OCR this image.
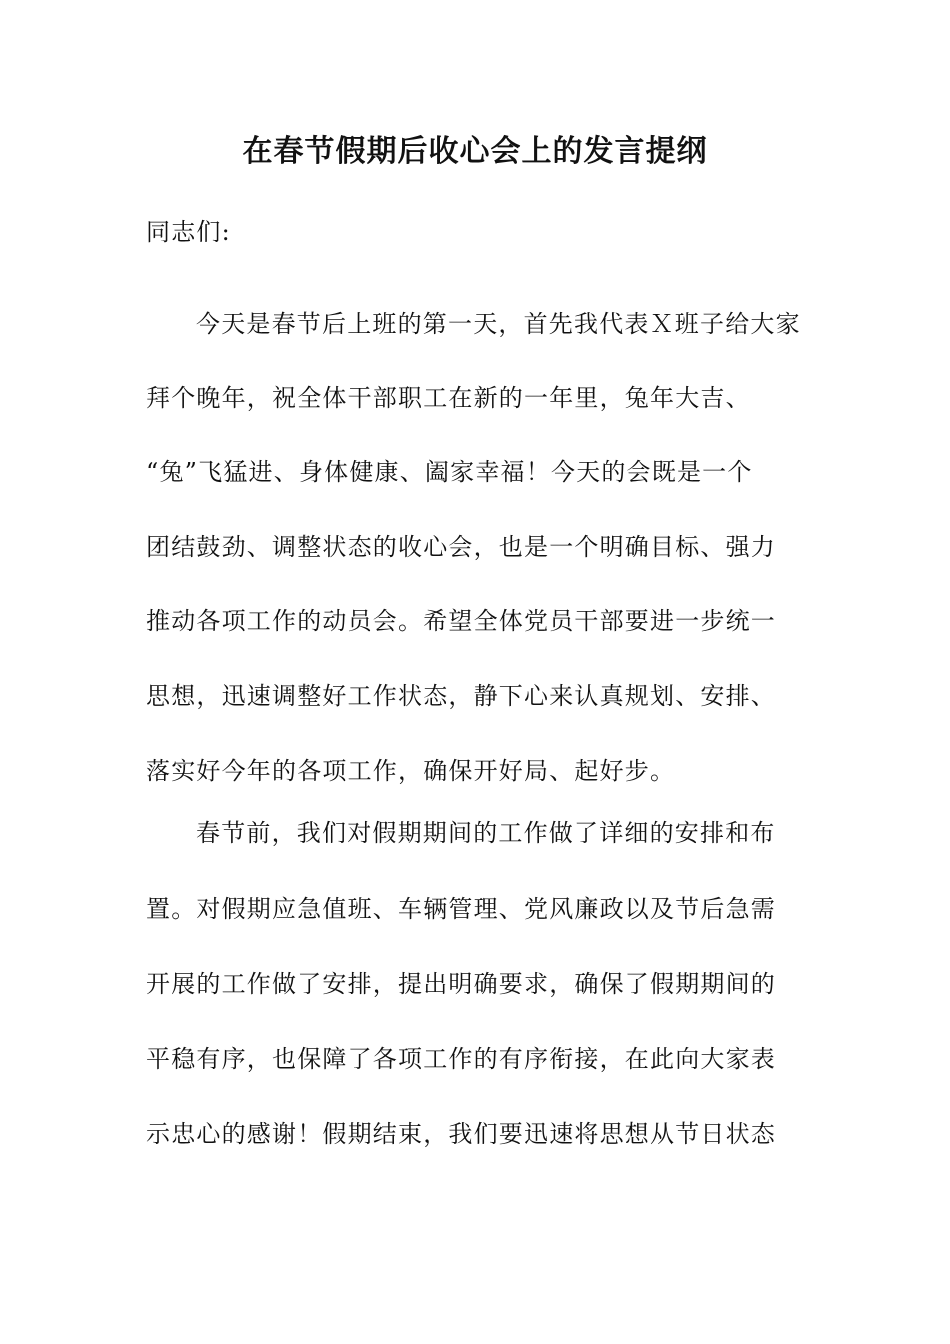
在春节假期后收心会上的发言提纲

同志们:

今天是春节后上班的第一天，首先我代表Ｘ班子给大家

拜个晚年，祝全体干部职工在新的一年里，兔年大吉、

“兔”飞猛进、身体健康、阖家幸福！今天的会既是一个

团结鼓劲、调整状态的收心会，也是一个明确目标、强力

推动各项工作的动员会。希望全体党员干部要进一步统一

思想，迅速调整好工作状态，静下心来认真规划、安排、

落实好今年的各项工作，确保开好局、起好步。

春节前，我们对假期期间的工作做了详细的安排和布

置。对假期应急值班、车辆管理、党风廉政以及节后急需

开展的工作做了安排，提出明确要求，确保了假期期间的

平稳有序，也保障了各项工作的有序衔接，在此向大家表

示忠心的感谢！假期结束，我们要迅速将思想从节日状态
